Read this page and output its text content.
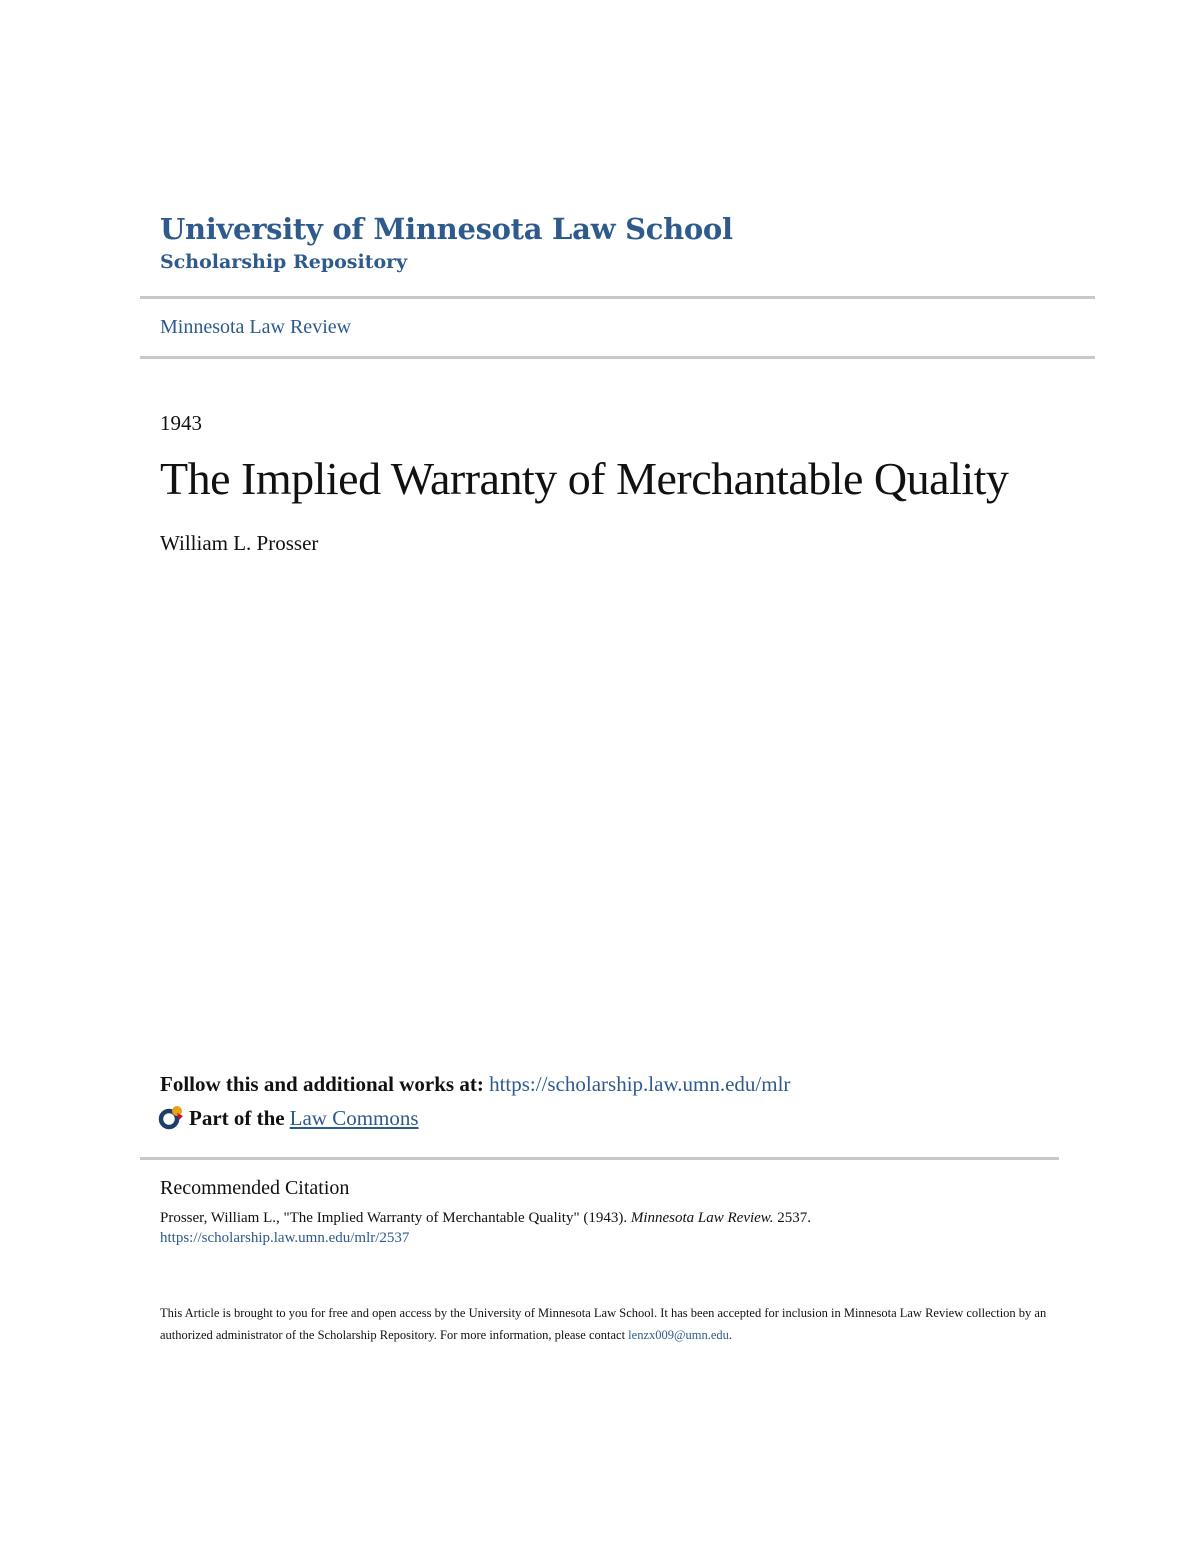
University of Minnesota Law School
Scholarship Repository
Minnesota Law Review
1943
The Implied Warranty of Merchantable Quality
William L. Prosser
Follow this and additional works at: https://scholarship.law.umn.edu/mlr
Part of the Law Commons
Recommended Citation
Prosser, William L., "The Implied Warranty of Merchantable Quality" (1943). Minnesota Law Review. 2537.
https://scholarship.law.umn.edu/mlr/2537
This Article is brought to you for free and open access by the University of Minnesota Law School. It has been accepted for inclusion in Minnesota Law Review collection by an authorized administrator of the Scholarship Repository. For more information, please contact lenzx009@umn.edu.
